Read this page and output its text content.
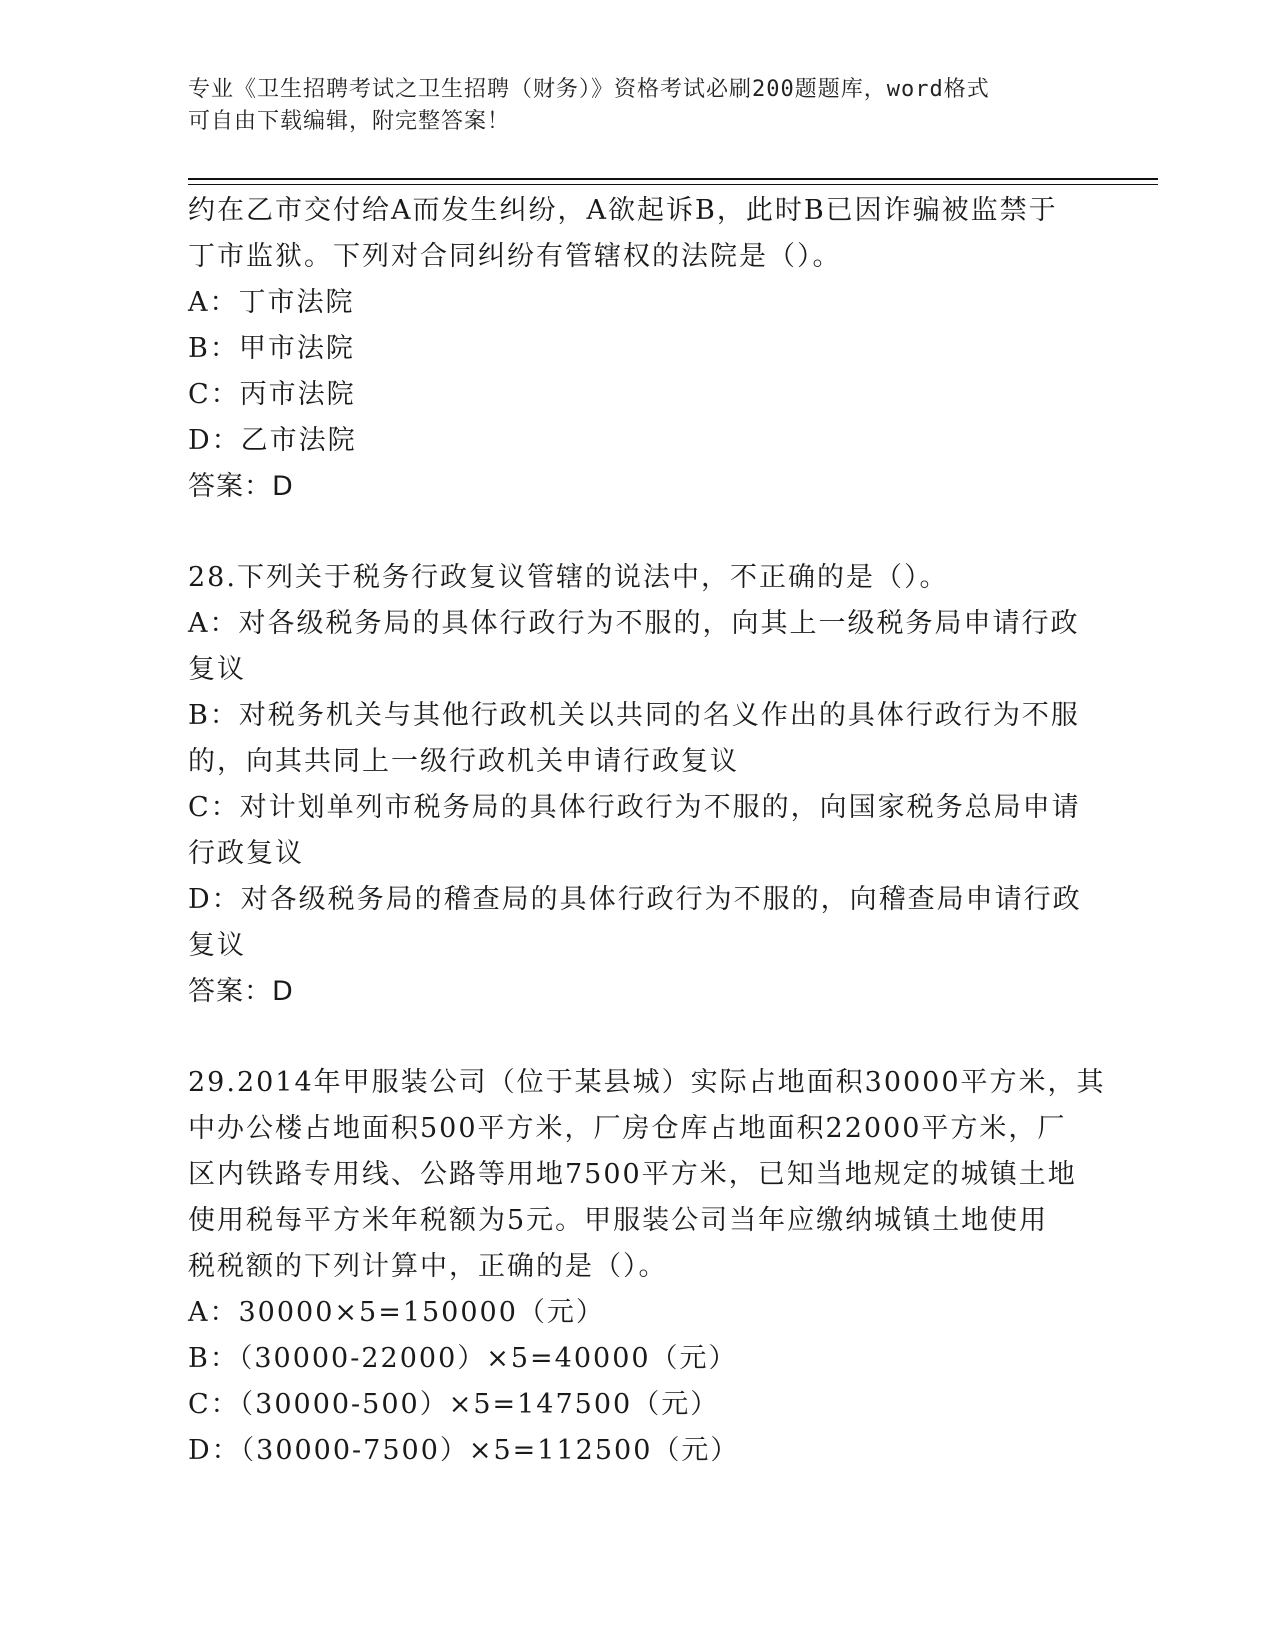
专业《卫生招聘考试之卫生招聘（财务）》资格考试必刷200题题库，word格式
可自由下载编辑，附完整答案！
约在乙市交付给A而发生纠纷，A欲起诉B，此时B已因诈骗被监禁于
丁市监狱。下列对合同纠纷有管辖权的法院是（）。
A：丁市法院
B：甲市法院
C：丙市法院
D：乙市法院
答案：D
28.下列关于税务行政复议管辖的说法中，不正确的是（）。
A：对各级税务局的具体行政行为不服的，向其上一级税务局申请行政
复议
B：对税务机关与其他行政机关以共同的名义作出的具体行政行为不服
的，向其共同上一级行政机关申请行政复议
C：对计划单列市税务局的具体行政行为不服的，向国家税务总局申请
行政复议
D：对各级税务局的稽查局的具体行政行为不服的，向稽查局申请行政
复议
答案：D
29.2014年甲服装公司（位于某县城）实际占地面积30000平方米，其
中办公楼占地面积500平方米，厂房仓库占地面积22000平方米，厂
区内铁路专用线、公路等用地7500平方米，已知当地规定的城镇土地
使用税每平方米年税额为5元。甲服装公司当年应缴纳城镇土地使用
税税额的下列计算中，正确的是（）。
A：30000×5=150000（元）
B：（30000-22000）×5=40000（元）
C：（30000-500）×5=147500（元）
D：（30000-7500）×5=112500（元）
